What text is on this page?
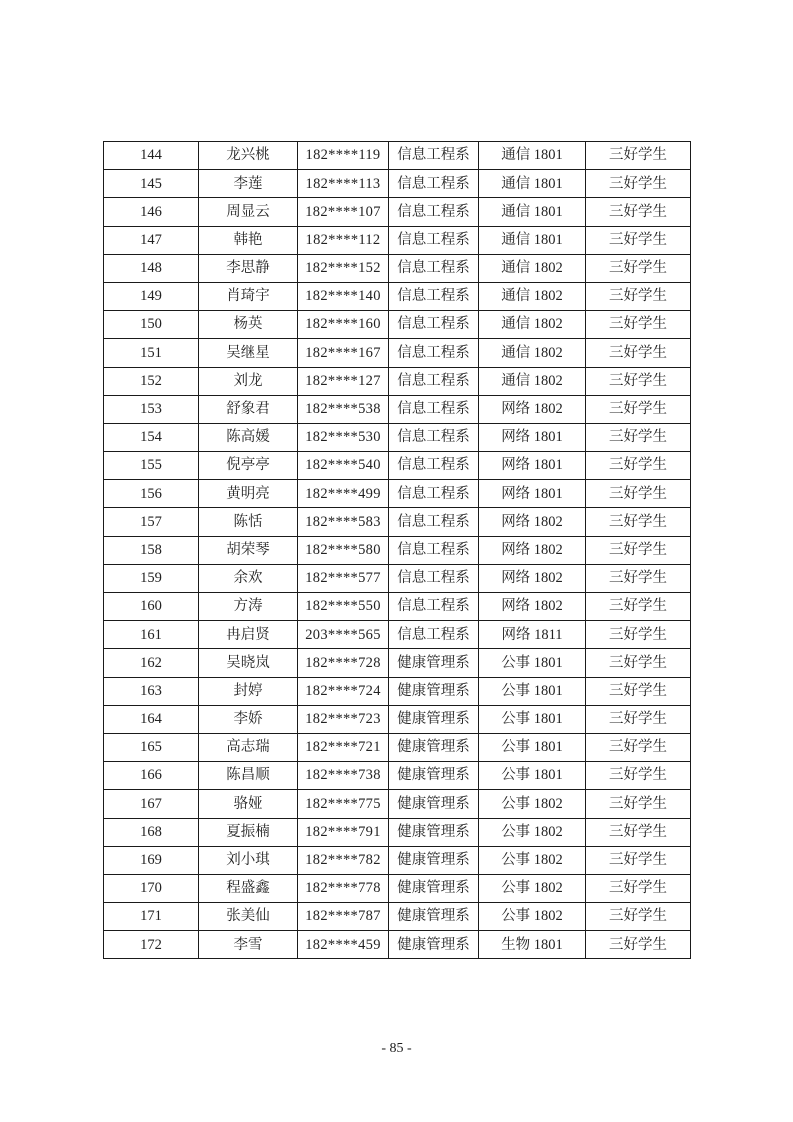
144	龙兴桃	182****119	信息工程系	通信 1801	三好学生
145	李莲	182****113	信息工程系	通信 1801	三好学生
146	周显云	182****107	信息工程系	通信 1801	三好学生
147	韩艳	182****112	信息工程系	通信 1801	三好学生
148	李思静	182****152	信息工程系	通信 1802	三好学生
149	肖琦宇	182****140	信息工程系	通信 1802	三好学生
150	杨英	182****160	信息工程系	通信 1802	三好学生
151	吴继星	182****167	信息工程系	通信 1802	三好学生
152	刘龙	182****127	信息工程系	通信 1802	三好学生
153	舒象君	182****538	信息工程系	网络 1802	三好学生
154	陈高媛	182****530	信息工程系	网络 1801	三好学生
155	倪亭亭	182****540	信息工程系	网络 1801	三好学生
156	黄明亮	182****499	信息工程系	网络 1801	三好学生
157	陈恬	182****583	信息工程系	网络 1802	三好学生
158	胡荣琴	182****580	信息工程系	网络 1802	三好学生
159	余欢	182****577	信息工程系	网络 1802	三好学生
160	方涛	182****550	信息工程系	网络 1802	三好学生
161	冉启贤	203****565	信息工程系	网络 1811	三好学生
162	吴晓岚	182****728	健康管理系	公事 1801	三好学生
163	封婷	182****724	健康管理系	公事 1801	三好学生
164	李娇	182****723	健康管理系	公事 1801	三好学生
165	高志瑞	182****721	健康管理系	公事 1801	三好学生
166	陈昌顺	182****738	健康管理系	公事 1801	三好学生
167	骆娅	182****775	健康管理系	公事 1802	三好学生
168	夏振楠	182****791	健康管理系	公事 1802	三好学生
169	刘小琪	182****782	健康管理系	公事 1802	三好学生
170	程盛鑫	182****778	健康管理系	公事 1802	三好学生
171	张美仙	182****787	健康管理系	公事 1802	三好学生
172	李雪	182****459	健康管理系	生物 1801	三好学生
- 85 -
